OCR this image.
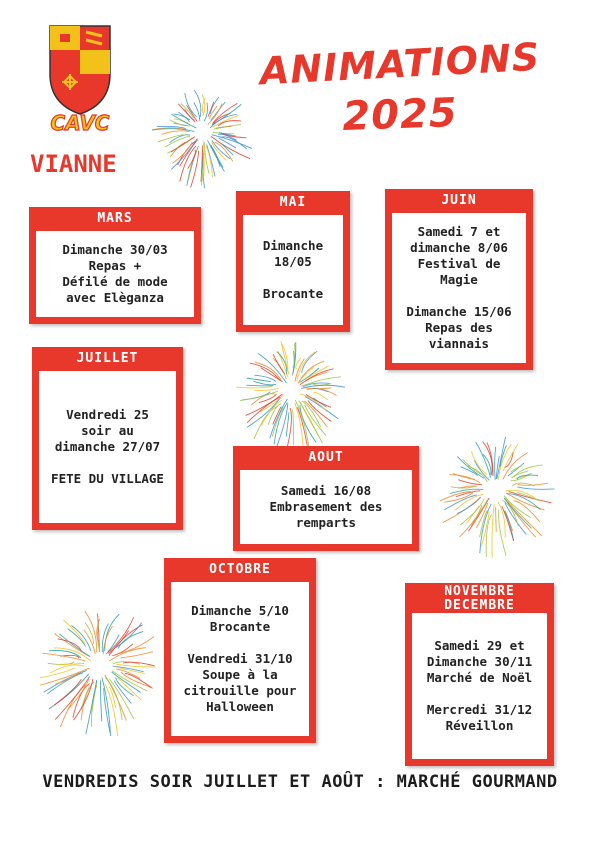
CAVC
ANIMATIONS
2025
VIANNE
MARS

Dimanche 30/03
Repas +
Défilé de mode
avec Elèganza

MAI

Dimanche
18/05

Brocante

JUIN

Samedi 7 et
dimanche 8/06
Festival de
Magie

Dimanche 15/06
Repas des
viannais

JUILLET

Vendredi 25
soir au
dimanche 27/07

FETE DU VILLAGE

AOUT

Samedi 16/08
Embrasement des
remparts

OCTOBRE

Dimanche 5/10
Brocante

Vendredi 31/10
Soupe à la
citrouille pour
Halloween

NOVEMBRE
DECEMBRE

Samedi 29 et
Dimanche 30/11
Marché de Noël

Mercredi 31/12
Réveillon

VENDREDIS SOIR JUILLET ET AOÛT : MARCHÉ GOURMAND
